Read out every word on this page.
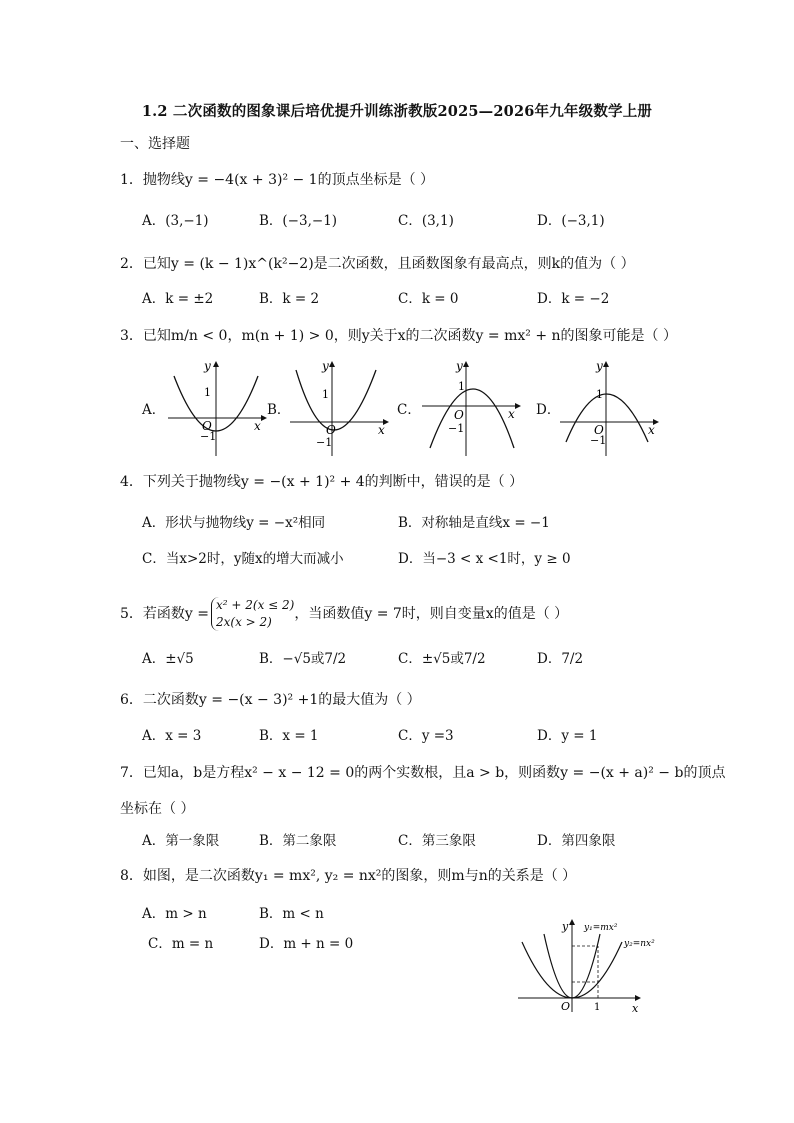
1.2 二次函数的图象课后培优提升训练浙教版2025—2026年九年级数学上册
一、选择题
1．抛物线y = −4(x + 3)² − 1的顶点坐标是（ ）
A．(3,−1)	B．(−3,−1)	C．(3,1)	D．(−3,1)
2．已知y = (k − 1)x^(k²−2)是二次函数，且函数图象有最高点，则k的值为（ ）
A．k = ±2	B．k = 2	C．k = 0	D．k = −2
3．已知m/n < 0，m(n + 1) > 0，则y关于x的二次函数y = mx² + n的图象可能是（ ）
A．	B．	C．	D．
y
x
O
1
−1
y
x
O
1
−1
y
x
O
1
−1
y
x
O
1
−1
4．下列关于抛物线y = −(x + 1)² + 4的判断中，错误的是（ ）
A．形状与抛物线y = −x²相同	B．对称轴是直线x = −1
C．当x>2时，y随x的增大而减小	D．当−3 < x <1时，y ≥ 0
5．若函数y =
x² + 2(x ≤ 2)
2x(x > 2)	，当函数值y = 7时，则自变量x的值是（ ）
A．±√5	B．−√5或7/2	C．±√5或7/2	D．7/2
6．二次函数y = −(x − 3)² +1的最大值为（ ）
A．x = 3	B．x = 1	C．y =3	D．y = 1
7．已知a，b是方程x² − x − 12 = 0的两个实数根，且a > b，则函数y = −(x + a)² − b的顶点
坐标在（ ）
A．第一象限	B．第二象限	C．第三象限	D．第四象限
8．如图，是二次函数y₁ = mx², y₂ = nx²的图象，则m与n的关系是（ ）
A．m > n	B．m < n
C．m = n	D．m + n = 0
y
x
O 1
y₁=mx²
y₂=nx²
